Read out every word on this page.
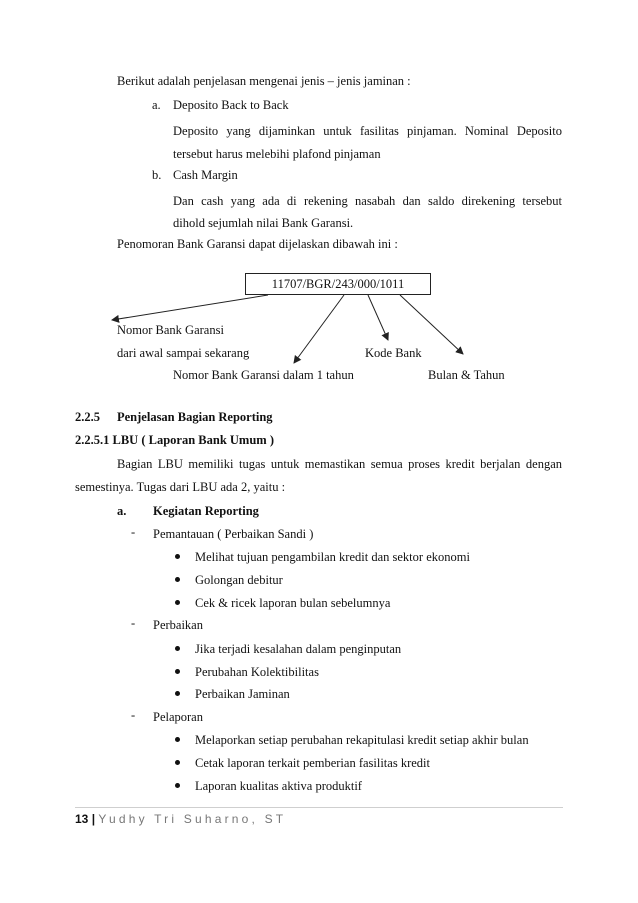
Berikut adalah penjelasan mengenai jenis – jenis jaminan :
a. Deposito Back to Back
Deposito yang dijaminkan untuk fasilitas pinjaman. Nominal Deposito
tersebut harus melebihi plafond pinjaman
b. Cash Margin
Dan cash yang ada di rekening nasabah dan saldo direkening tersebut
dihold sejumlah nilai Bank Garansi.
Penomoran Bank Garansi dapat dijelaskan dibawah ini :
11707/BGR/243/000/1011
Nomor Bank Garansi
dari awal sampai sekarang	Kode Bank
Nomor Bank Garansi dalam 1 tahun	Bulan & Tahun
2.2.5 Penjelasan Bagian Reporting
2.2.5.1 LBU ( Laporan Bank Umum )
Bagian LBU memiliki tugas untuk memastikan semua proses kredit berjalan dengan
semestinya. Tugas dari LBU ada 2, yaitu :
a. Kegiatan Reporting
- Pemantauan ( Perbaikan Sandi )
Melihat tujuan pengambilan kredit dan sektor ekonomi
Golongan debitur
Cek & ricek laporan bulan sebelumnya
- Perbaikan
Jika terjadi kesalahan dalam penginputan
Perubahan Kolektibilitas
Perbaikan Jaminan
- Pelaporan
Melaporkan setiap perubahan rekapitulasi kredit setiap akhir bulan
Cetak laporan terkait pemberian fasilitas kredit
Laporan kualitas aktiva produktif
13 | Yudhy Tri Suharno, ST
